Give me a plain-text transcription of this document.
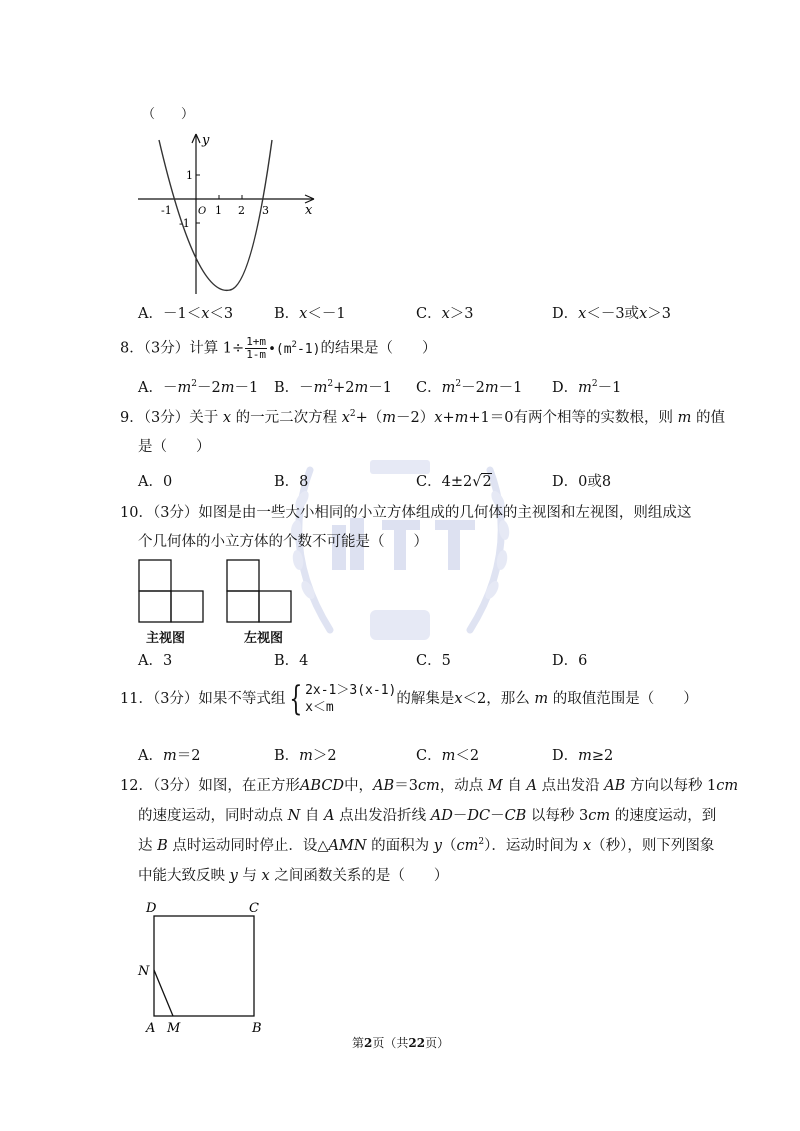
（　　）
y
x
-1	1 2 3
1
-1
O
A．－1＜x＜3	B．x＜－1	C．x＞3	D．x＜－3或x＞3
8．（3分）计算 $1\div \frac{1+m}{1-m}$ $•(m^2-1)$的结果是（　　）
A．$-m^2-2m-1$ B．$-m^2+2m-1$ C．$m^2-2m-1$ D．$m^2-1$
9．（3分）关于 x 的一元二次方程 $x^2+(m-2)x+m+1=0$有两个相等的实数根，则 m 的值
是（　　）
A．0	B．8	C．4±2√2	D．0或8
10．（3分）如图是由一些大小相同的小立方体组成的几何体的主视图和左视图，则组成这
个几何体的小立方体的个数不可能是（　　）
主视图	左视图
A．3	B．4	C．5	D．6
11．（3分）如果不等式组 { 2x-1＞3(x-1)
x＜m
的解集是x＜2，那么 m 的取值范围是（　　）
A．m＝2	B．m＞2	C．m＜2	D．m≥2
12．（3分）如图，在正方形ABCD中，AB＝3cm，动点 M 自 A 点出发沿 AB 方向以每秒 1cm
的速度运动，同时动点 N 自 A 点出发沿折线 AD－DC－CB 以每秒 3cm 的速度运动，到
达 B 点时运动同时停止．设△AMN 的面积为 $y(cm^2)$．运动时间为 x（秒），则下列图象
中能大致反映 y 与 x 之间函数关系的是（　　）
D	C
N
A M	B
第2页（共22页）
